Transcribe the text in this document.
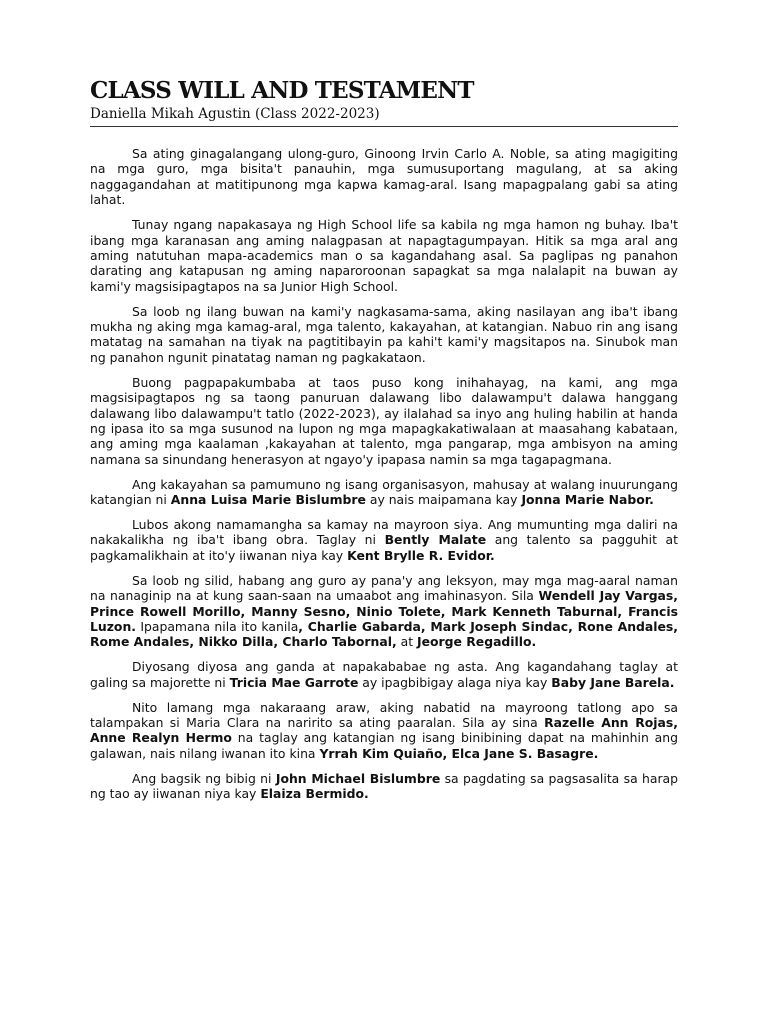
CLASS WILL AND TESTAMENT
Daniella Mikah Agustin (Class 2022-2023)

Sa ating ginagalangang ulong-guro, Ginoong Irvin Carlo A. Noble, sa ating magigiting na mga guro, mga bisita't panauhin, mga sumusuportang magulang, at sa aking naggagandahan at matitipunong mga kapwa kamag-aral. Isang mapagpalang gabi sa ating lahat.

Tunay ngang napakasaya ng High School life sa kabila ng mga hamon ng buhay. Iba't ibang mga karanasan ang aming nalagpasan at napagtagumpayan. Hitik sa mga aral ang aming natutuhan mapa-academics man o sa kagandahang asal. Sa paglipas ng panahon darating ang katapusan ng aming naparoroonan sapagkat sa mga nalalapit na buwan ay kami'y magsisipagtapos na sa Junior High School.

Sa loob ng ilang buwan na kami'y nagkasama-sama, aking nasilayan ang iba't ibang mukha ng aking mga kamag-aral, mga talento, kakayahan, at katangian. Nabuo rin ang isang matatag na samahan na tiyak na pagtitibayin pa kahi't kami'y magsitapos na. Sinubok man ng panahon ngunit pinatatag naman ng pagkakataon.

Buong pagpapakumbaba at taos puso kong inihahayag, na kami, ang mga magsisipagtapos ng sa taong panuruan dalawang libo dalawampu't dalawa hanggang dalawang libo dalawampu't tatlo (2022-2023), ay ilalahad sa inyo ang huling habilin at handa ng ipasa ito sa mga susunod na lupon ng mga mapagkakatiwalaan at maasahang kabataan, ang aming mga kaalaman ,kakayahan at talento, mga pangarap, mga ambisyon na aming namana sa sinundang henerasyon at ngayo'y ipapasa namin sa mga tagapagmana.

Ang kakayahan sa pamumuno ng isang organisasyon, mahusay at walang inuurungang katangian ni Anna Luisa Marie Bislumbre ay nais maipamana kay Jonna Marie Nabor.

Lubos akong namamangha sa kamay na mayroon siya. Ang mumunting mga daliri na nakakalikha ng iba't ibang obra. Taglay ni Bently Malate ang talento sa pagguhit at pagkamalikhain at ito'y iiwanan niya kay Kent Brylle R. Evidor.

Sa loob ng silid, habang ang guro ay pana'y ang leksyon, may mga mag-aaral naman na nanaginip na at kung saan-saan na umaabot ang imahinasyon. Sila Wendell Jay Vargas, Prince Rowell Morillo, Manny Sesno, Ninio Tolete, Mark Kenneth Taburnal, Francis Luzon. Ipapamana nila ito kanila, Charlie Gabarda, Mark Joseph Sindac, Rone Andales, Rome Andales, Nikko Dilla, Charlo Tabornal, at Jeorge Regadillo.

Diyosang diyosa ang ganda at napakababae ng asta. Ang kagandahang taglay at galing sa majorette ni Tricia Mae Garrote ay ipagbibigay alaga niya kay Baby Jane Barela.

Nito lamang mga nakaraang araw, aking nabatid na mayroong tatlong apo sa talampakan si Maria Clara na naririto sa ating paaralan. Sila ay sina Razelle Ann Rojas, Anne Realyn Hermo na taglay ang katangian ng isang binibining dapat na mahinhin ang galawan, nais nilang iwanan ito kina Yrrah Kim Quiaño, Elca Jane S. Basagre.

Ang bagsik ng bibig ni John Michael Bislumbre sa pagdating sa pagsasalita sa harap ng tao ay iiwanan niya kay Elaiza Bermido.
